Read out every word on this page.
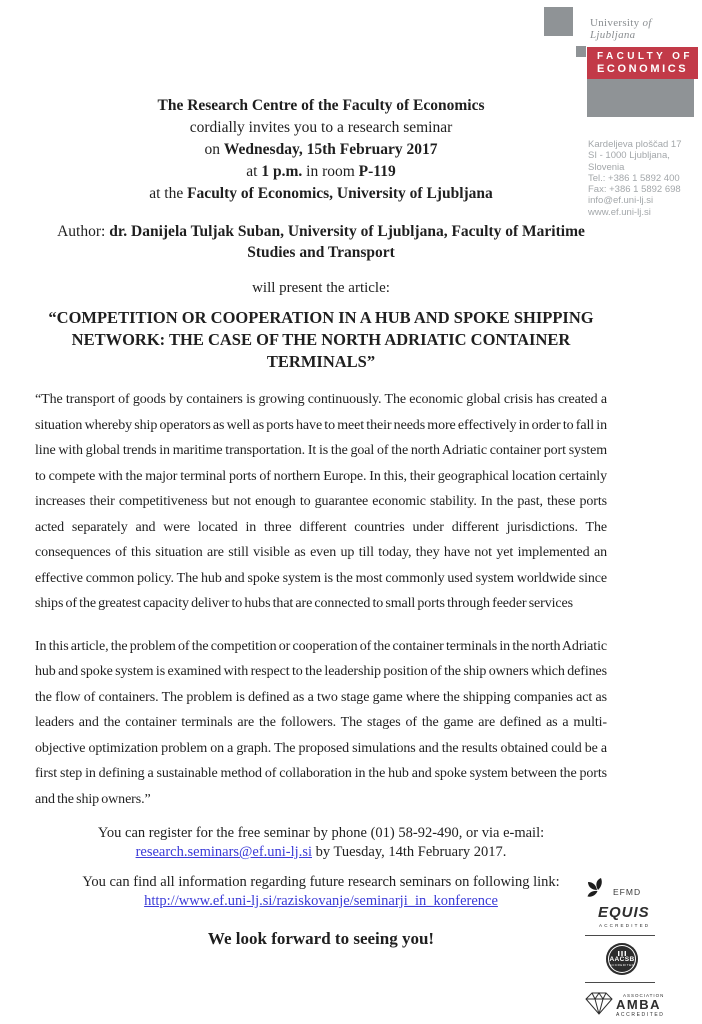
University of Ljubljana
FACULTY OF
ECONOMICS
Kardeljeva ploščad 17
SI - 1000 Ljubljana, Slovenia
Tel.: +386 1 5892 400
Fax: +386 1 5892 698
info@ef.uni-lj.si
www.ef.uni-lj.si
The Research Centre of the Faculty of Economics
cordially invites you to a research seminar
on Wednesday, 15th February 2017
at 1 p.m. in room P-119
at the Faculty of Economics, University of Ljubljana
Author: dr. Danijela Tuljak Suban, University of Ljubljana, Faculty of Maritime Studies and Transport
will present the article:
“COMPETITION OR COOPERATION IN A HUB AND SPOKE SHIPPING NETWORK: THE CASE OF THE NORTH ADRIATIC CONTAINER TERMINALS”
“The transport of goods by containers is growing continuously. The economic global crisis has created a situation whereby ship operators as well as ports have to meet their needs more effectively in order to fall in line with global trends in maritime transportation. It is the goal of the north Adriatic container port system to compete with the major terminal ports of northern Europe. In this, their geographical location certainly increases their competitiveness but not enough to guarantee economic stability. In the past, these ports acted separately and were located in three different countries under different jurisdictions. The consequences of this situation are still visible as even up till today, they have not yet implemented an effective common policy. The hub and spoke system is the most commonly used system worldwide since ships of the greatest capacity deliver to hubs that are connected to small ports through feeder services
In this article, the problem of the competition or cooperation of the container terminals in the north Adriatic hub and spoke system is examined with respect to the leadership position of the ship owners which defines the flow of containers. The problem is defined as a two stage game where the shipping companies act as leaders and the container terminals are the followers. The stages of the game are defined as a multi-objective optimization problem on a graph. The proposed simulations and the results obtained could be a first step in defining a sustainable method of collaboration in the hub and spoke system between the ports and the ship owners.”
You can register for the free seminar by phone (01) 58-92-490, or via e-mail:
research.seminars@ef.uni-lj.si by Tuesday, 14th February 2017.
You can find all information regarding future research seminars on following link:
http://www.ef.uni-lj.si/raziskovanje/seminarji_in_konference
We look forward to seeing you!
EFMD
EQUIS
ACCREDITED
AACSB
ACCREDITED
ASSOCIATION
AMBA
ACCREDITED
